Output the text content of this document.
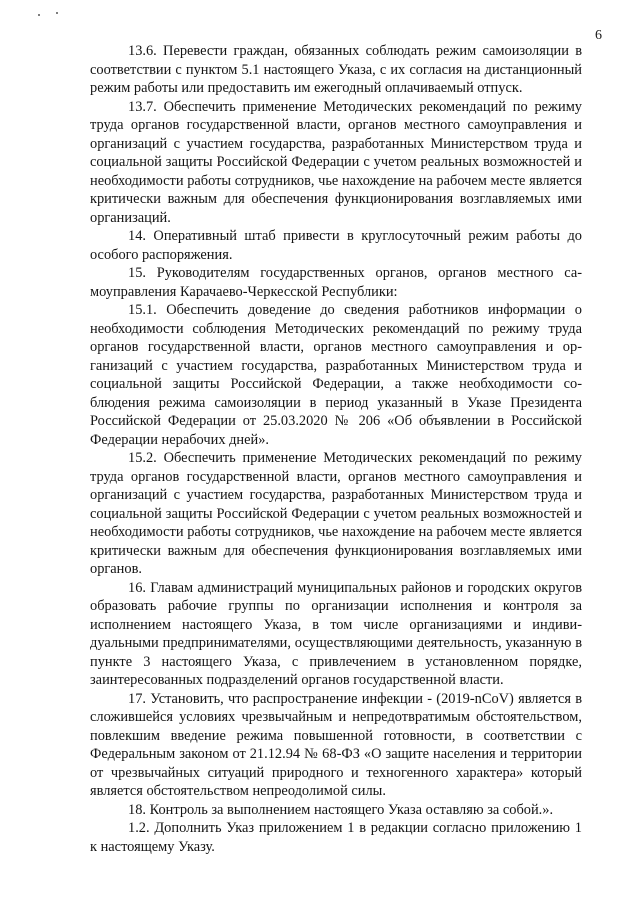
6

13.6. Перевести граждан, обязанных соблюдать режим самоизоляции в соответствии с пунктом 5.1 настоящего Указа, с их согласия на дистанционный режим работы или предоставить им ежегодный оплачиваемый отпуск.

13.7. Обеспечить применение Методических рекомендаций по режиму труда органов государственной власти, органов местного самоуправления и организаций с участием государства, разработанных Министерством труда и социальной защиты Российской Федерации с учетом реальных возможностей и необходимости работы сотрудников, чье нахождение на рабочем месте является критически важным для обеспечения функционирования возглавляемых ими организаций.

14. Оперативный штаб привести в круглосуточный режим работы до особого распоряжения.

15. Руководителям государственных органов, органов местного самоуправления Карачаево-Черкесской Республики:

15.1. Обеспечить доведение до сведения работников информации о необходимости соблюдения Методических рекомендаций по режиму труда органов государственной власти, органов местного самоуправления и организаций с участием государства, разработанных Министерством труда и социальной защиты Российской Федерации, а также необходимости соблюдения режима самоизоляции в период указанный в Указе Президента Российской Федерации от 25.03.2020 № 206 «Об объявлении в Российской Федерации нерабочих дней».

15.2. Обеспечить применение Методических рекомендаций по режиму труда органов государственной власти, органов местного самоуправления и организаций с участием государства, разработанных Министерством труда и социальной защиты Российской Федерации с учетом реальных возможностей и необходимости работы сотрудников, чье нахождение на рабочем месте является критически важным для обеспечения функционирования возглавляемых ими органов.

16. Главам администраций муниципальных районов и городских округов образовать рабочие группы по организации исполнения и контроля за исполнением настоящего Указа, в том числе организациями и индивидуальными предпринимателями, осуществляющими деятельность, указанную в пункте 3 настоящего Указа, с привлечением в установленном порядке, заинтересованных подразделений органов государственной власти.

17. Установить, что распространение инфекции - (2019-nCoV) является в сложившейся условиях чрезвычайным и непредотвратимым обстоятельством, повлекшим введение режима повышенной готовности, в соответствии с Федеральным законом от 21.12.94 № 68-ФЗ «О защите населения и территории от чрезвычайных ситуаций природного и техногенного характера» который является обстоятельством непреодолимой силы.

18. Контроль за выполнением настоящего Указа оставляю за собой.».

1.2. Дополнить Указ приложением 1 в редакции согласно приложению 1 к настоящему Указу.
